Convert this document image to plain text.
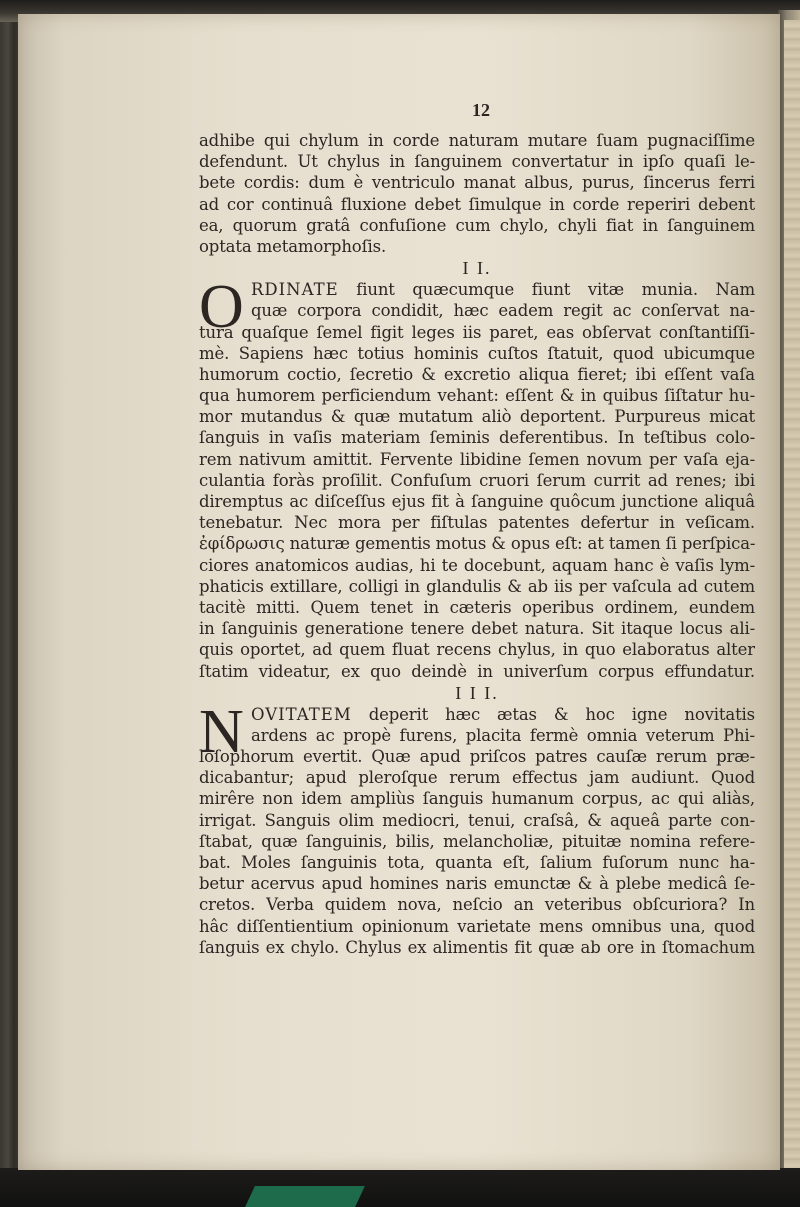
12
adhibe qui chylum in corde naturam mutare ſuam pugnaciſſime
defendunt. Ut chylus in ſanguinem convertatur in ipſo quaſi le-
bete cordis: dum è ventriculo manat albus, purus, ſincerus ferri
ad cor continuâ fluxione debet ſimulque in corde reperiri debent
ea, quorum gratâ confuſione cum chylo, chyli fiat in ſanguinem
optata metamorphoſis.
I I.
O RDINATE fiunt quæcumque fiunt vitæ munia. Nam
quæ corpora condidit, hæc eadem regit ac conſervat na-
tura quaſque ſemel figit leges iis paret, eas obſervat conſtantiſſi-
mè. Sapiens hæc totius hominis cuſtos ſtatuit, quod ubicumque
humorum coctio, ſecretio & excretio aliqua fieret; ibi eſſent vaſa
qua humorem perficiendum vehant: eſſent & in quibus ſiſtatur hu-
mor mutandus & quæ mutatum aliò deportent. Purpureus micat
ſanguis in vaſis materiam ſeminis deferentibus. In teſtibus colo-
rem nativum amittit. Fervente libidine ſemen novum per vaſa eja-
culantia foràs proſilit. Confuſum cruori ſerum currit ad renes; ibi
diremptus ac diſceſſus ejus fit à ſanguine quôcum junctione aliquâ
tenebatur. Nec mora per fiſtulas patentes defertur in veſicam.
ἐφίδρωσις naturæ gementis motus & opus eſt: at tamen ſi perſpica-
ciores anatomicos audias, hi te docebunt, aquam hanc è vaſis lym-
phaticis extillare, colligi in glandulis & ab iis per vaſcula ad cutem
tacitè mitti. Quem tenet in cæteris operibus ordinem, eundem
in ſanguinis generatione tenere debet natura. Sit itaque locus ali-
quis oportet, ad quem fluat recens chylus, in quo elaboratus alter
ſtatim videatur, ex quo deindè in univerſum corpus effundatur.
I I I.
N OVITATEM deperit hæc ætas & hoc igne novitatis
ardens ac propè furens, placita fermè omnia veterum Phi-
loſophorum evertit. Quæ apud priſcos patres cauſæ rerum præ-
dicabantur; apud pleroſque rerum effectus jam audiunt. Quod
mirêre non idem ampliùs ſanguis humanum corpus, ac qui aliàs,
irrigat. Sanguis olim mediocri, tenui, craſsâ, & aqueâ parte con-
ſtabat, quæ ſanguinis, bilis, melancholiæ, pituitæ nomina refere-
bat. Moles ſanguinis tota, quanta eſt, ſalium fuſorum nunc ha-
betur acervus apud homines naris emunctæ & à plebe medicâ ſe-
cretos. Verba quidem nova, neſcio an veteribus obſcuriora? In
hâc diſſentientium opinionum varietate mens omnibus una, quod
ſanguis ex chylo. Chylus ex alimentis fit quæ ab ore in ſtomachum
